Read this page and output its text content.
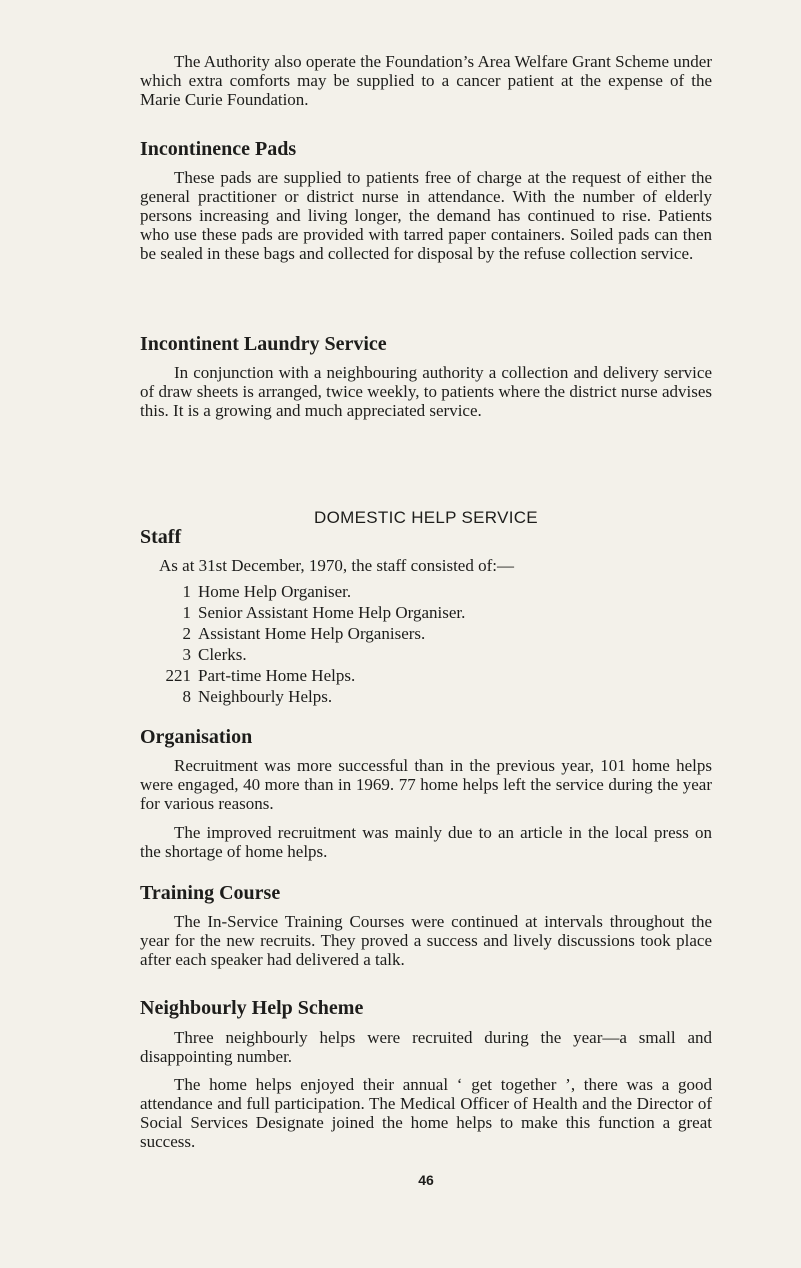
The Authority also operate the Foundation’s Area Welfare Grant Scheme under which extra comforts may be supplied to a cancer patient at the expense of the Marie Curie Foundation.

Incontinence Pads

These pads are supplied to patients free of charge at the request of either the general practitioner or district nurse in attendance. With the number of elderly persons increasing and living longer, the demand has continued to rise. Patients who use these pads are provided with tarred paper containers. Soiled pads can then be sealed in these bags and collected for disposal by the refuse collection service.

Incontinent Laundry Service

In conjunction with a neighbouring authority a collection and delivery service of draw sheets is arranged, twice weekly, to patients where the district nurse advises this. It is a growing and much appreciated service.

DOMESTIC HELP SERVICE
Staff

As at 31st December, 1970, the staff consisted of:—

1 Home Help Organiser.
1 Senior Assistant Home Help Organiser.
2 Assistant Home Help Organisers.
3 Clerks.
221 Part-time Home Helps.
8 Neighbourly Helps.
Organisation

Recruitment was more successful than in the previous year, 101 home helps were engaged, 40 more than in 1969. 77 home helps left the service during the year for various reasons.

The improved recruitment was mainly due to an article in the local press on the shortage of home helps.

Training Course

The In-Service Training Courses were continued at intervals throughout the year for the new recruits. They proved a success and lively discussions took place after each speaker had delivered a talk.

Neighbourly Help Scheme

Three neighbourly helps were recruited during the year—a small and disappointing number.

The home helps enjoyed their annual ‘ get together ’, there was a good attendance and full participation. The Medical Officer of Health and the Director of Social Services Designate joined the home helps to make this function a great success.

46
